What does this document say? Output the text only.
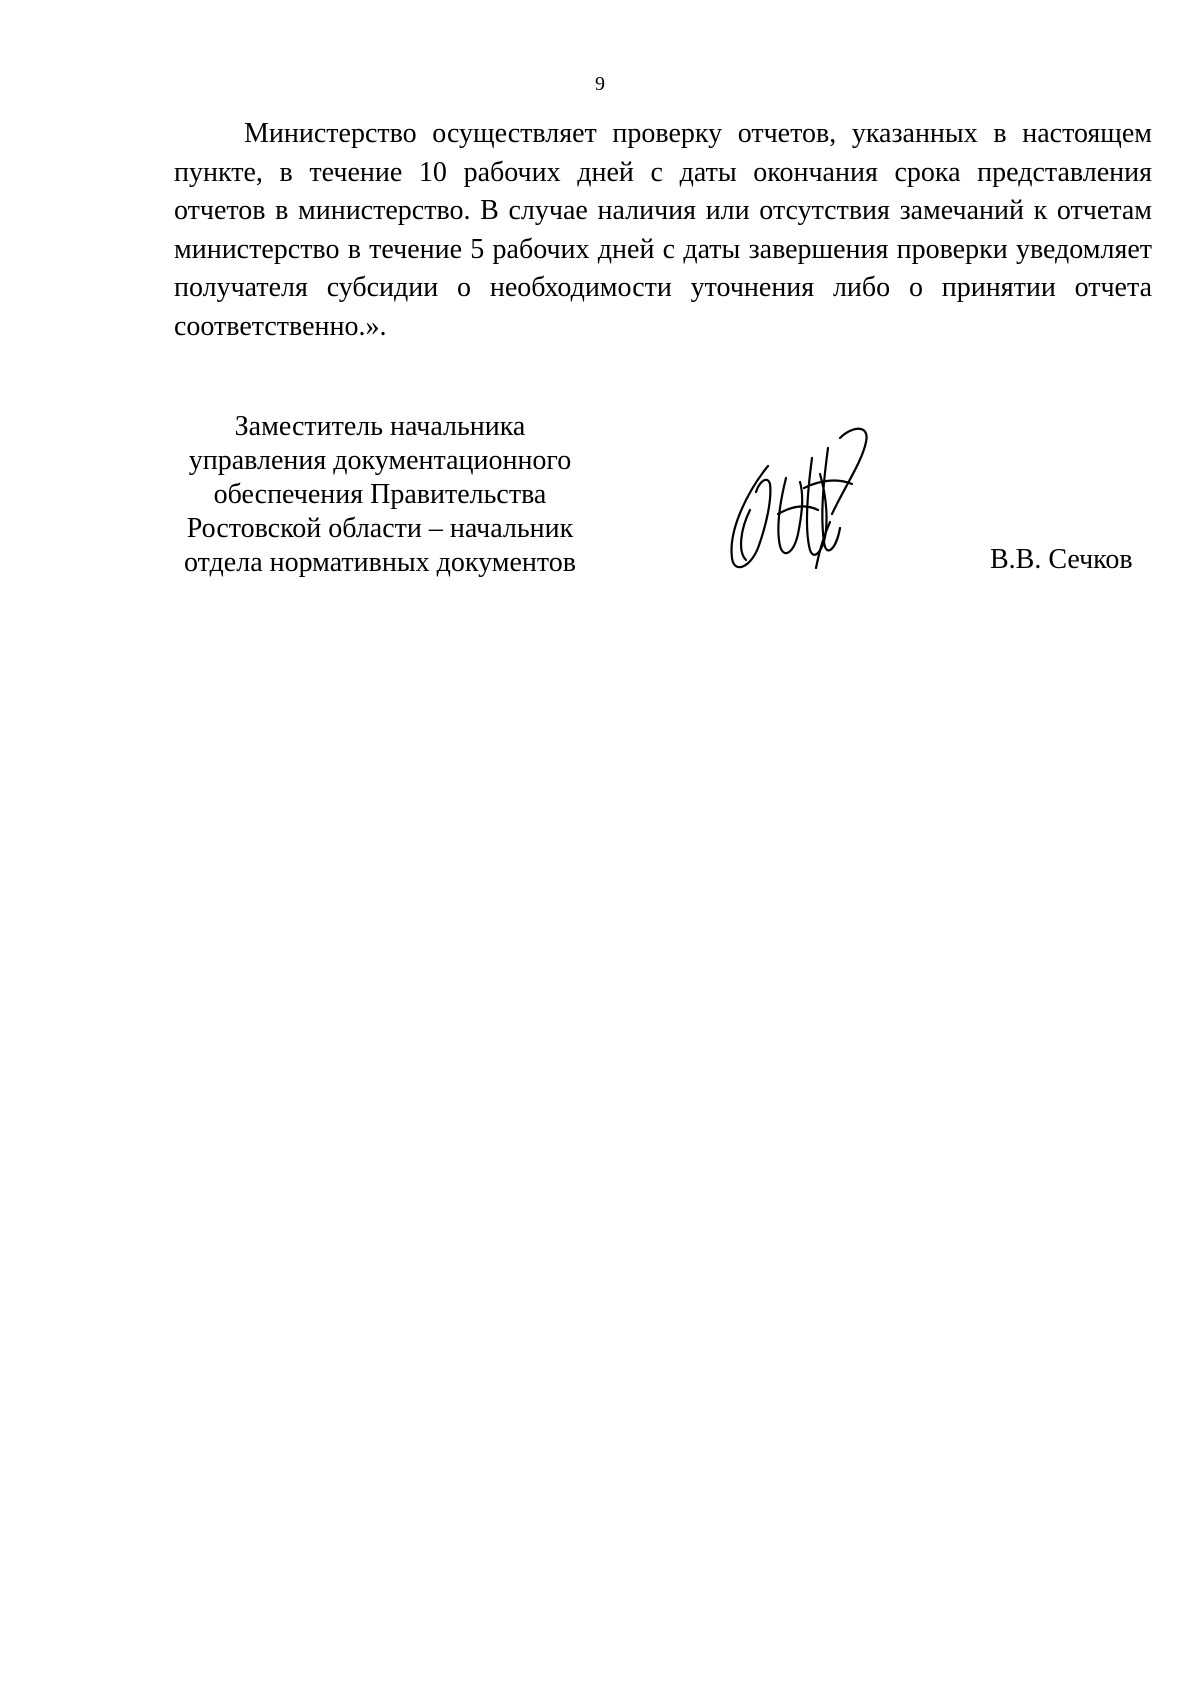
9

Министерство осуществляет проверку отчетов, указанных в настоящем пункте, в течение 10 рабочих дней с даты окончания срока представления отчетов в министерство. В случае наличия или отсутствия замечаний к отчетам министерство в течение 5 рабочих дней с даты завершения проверки уведомляет получателя субсидии о необходимости уточнения либо о принятии отчета соответственно.».

Заместитель начальника
управления документационного
обеспечения Правительства
Ростовской области – начальник
отдела нормативных документов	В.В. Сечков
